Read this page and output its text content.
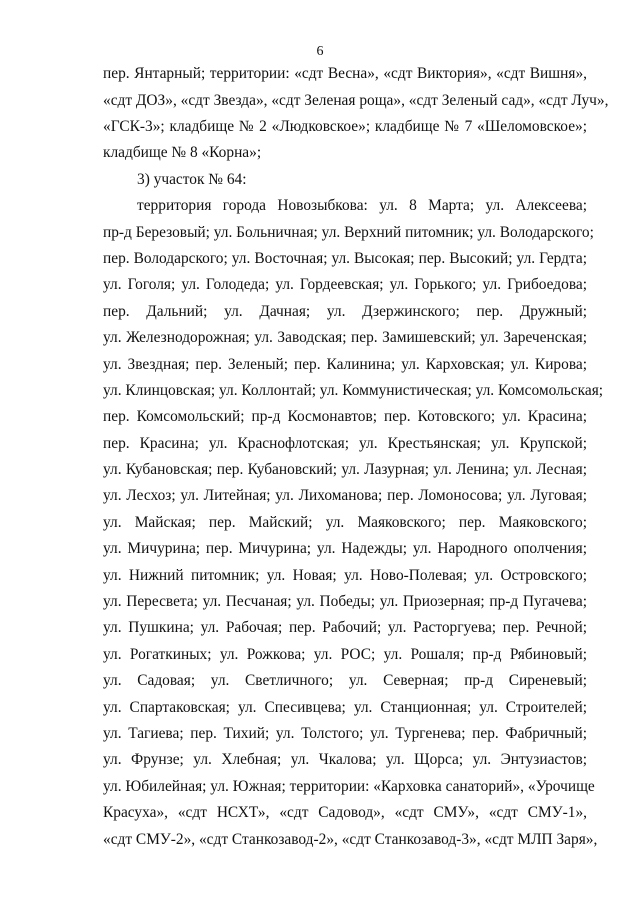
6
пер. Янтарный; территории: «сдт Весна», «сдт Виктория», «сдт Вишня»,
«сдт ДОЗ», «сдт Звезда», «сдт Зеленая роща», «сдт Зеленый сад», «сдт Луч»,
«ГСК-3»; кладбище № 2 «Людковское»; кладбище № 7 «Шеломовское»;
кладбище № 8 «Корна»;
3) участок № 64:
территория города Новозыбкова: ул. 8 Марта; ул. Алексеева;
пр-д Березовый; ул. Больничная; ул. Верхний питомник; ул. Володарского;
пер. Володарского; ул. Восточная; ул. Высокая; пер. Высокий; ул. Гердта;
ул. Гоголя; ул. Голодеда; ул. Гордеевская; ул. Горького; ул. Грибоедова;
пер. Дальний; ул. Дачная; ул. Дзержинского; пер. Дружный;
ул. Железнодорожная; ул. Заводская; пер. Замишевский; ул. Заречeнская;
ул. Звездная; пер. Зеленый; пер. Калинина; ул. Карховская; ул. Кирова;
ул. Клинцовская; ул. Коллонтай; ул. Коммунистическая; ул. Комсомольская;
пер. Комсомольский; пр-д Космонавтов; пер. Котовского; ул. Красина;
пер. Красина; ул. Краснофлотская; ул. Крестьянская; ул. Крупской;
ул. Кубановская; пер. Кубановский; ул. Лазурная; ул. Ленина; ул. Лесная;
ул. Лесхоз; ул. Литейная; ул. Лихоманова; пер. Ломоносова; ул. Луговая;
ул. Майская; пер. Майский; ул. Маяковского; пер. Маяковского;
ул. Мичурина; пер. Мичурина; ул. Надежды; ул. Народного ополчения;
ул. Нижний питомник; ул. Новая; ул. Ново-Полевая; ул. Островского;
ул. Пересвета; ул. Песчаная; ул. Победы; ул. Приозерная; пр-д Пугачева;
ул. Пушкина; ул. Рабочая; пер. Рабочий; ул. Расторгуева; пер. Речной;
ул. Рогаткиных; ул. Рожкова; ул. РОС; ул. Рошаля; пр-д Рябиновый;
ул. Садовая; ул. Светличного; ул. Северная; пр-д Сиреневый;
ул. Спартаковская; ул. Спесивцева; ул. Станционная; ул. Строителей;
ул. Тагиева; пер. Тихий; ул. Толстого; ул. Тургенева; пер. Фабричный;
ул. Фрунзе; ул. Хлебная; ул. Чкалова; ул. Щорса; ул. Энтузиастов;
ул. Юбилейная; ул. Южная; территории: «Карховка санаторий», «Урочище
Красуха», «сдт НСХТ», «сдт Садовод», «сдт СМУ», «сдт СМУ-1»,
«сдт СМУ-2», «сдт Станкозавод-2», «сдт Станкозавод-3», «сдт МЛП Заря»,
